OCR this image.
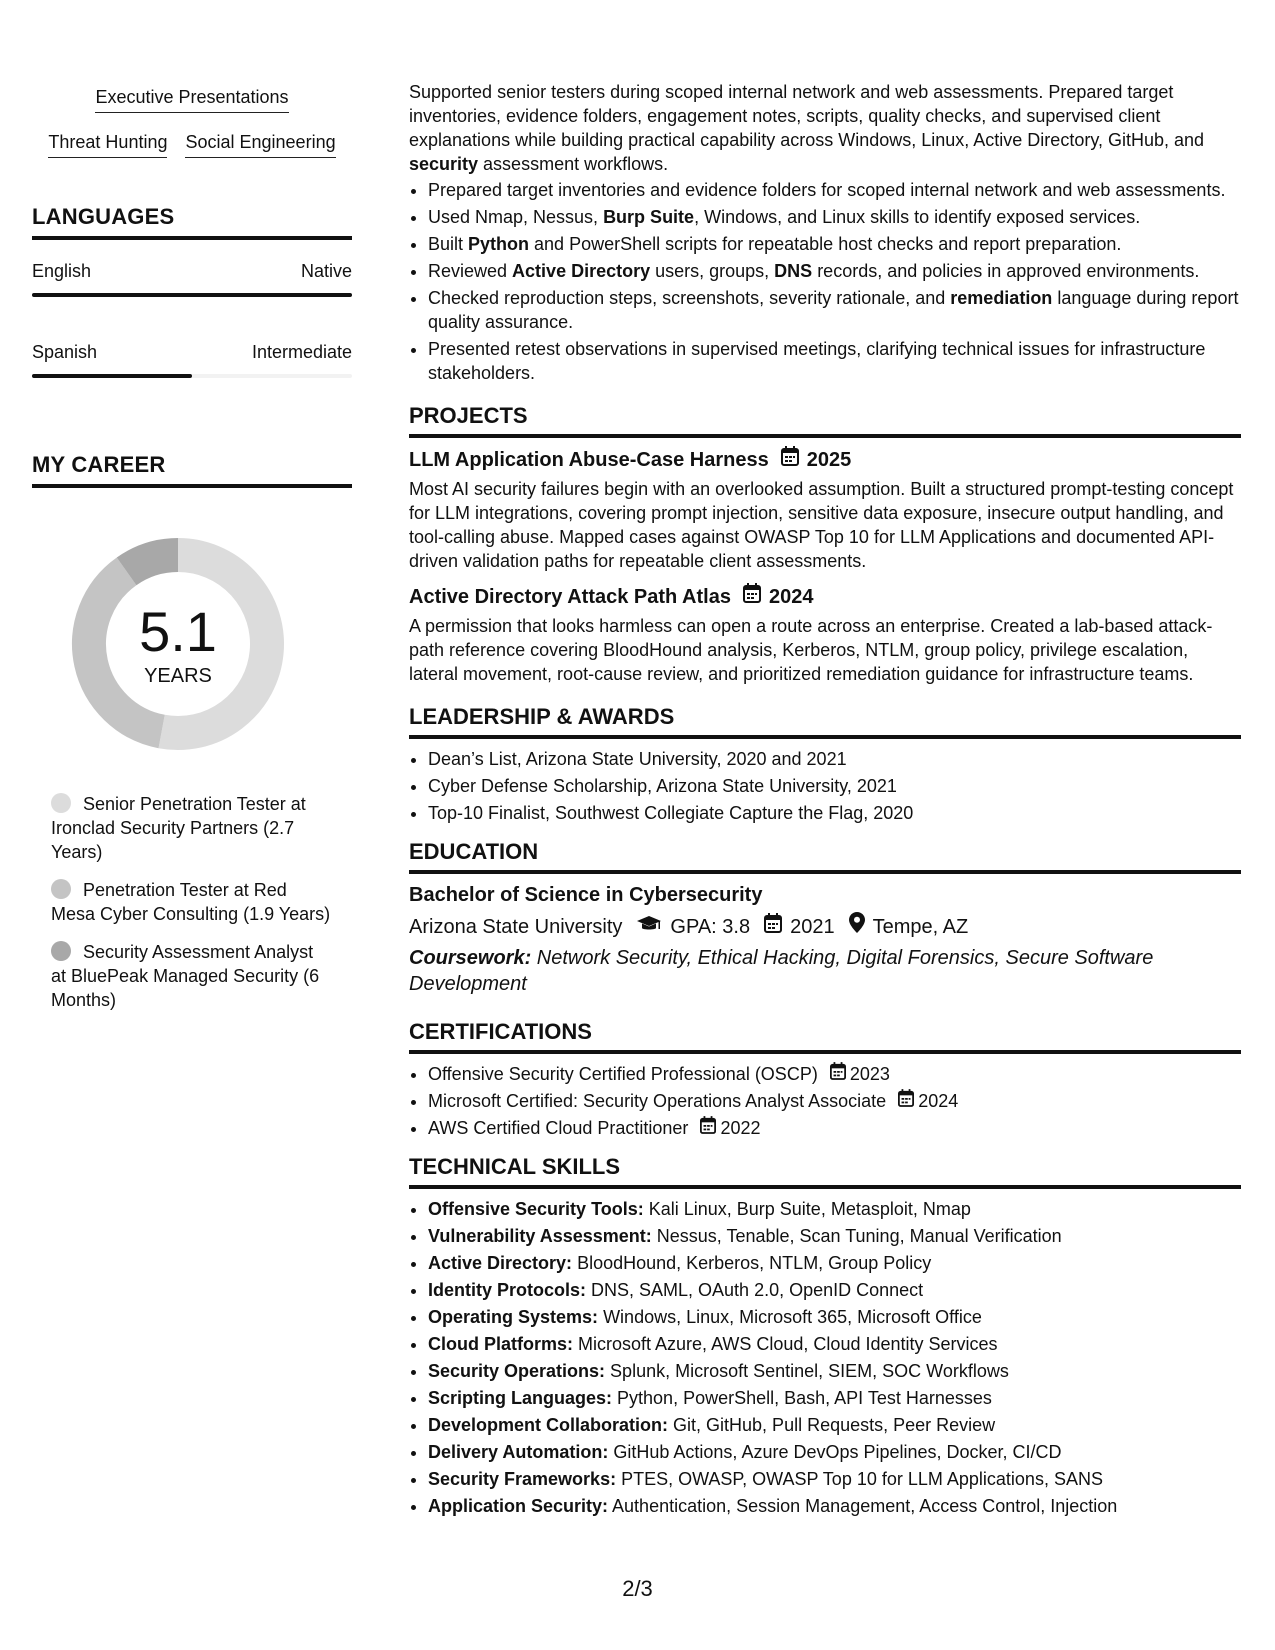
Executive Presentations
Threat Hunting Social Engineering
LANGUAGES
English	Native
Spanish	Intermediate
MY CAREER
5.1
YEARS
Senior Penetration Tester at Ironclad Security Partners (2.7 Years)
Penetration Tester at Red Mesa Cyber Consulting (1.9 Years)
Security Assessment Analyst at BluePeak Managed Security (6 Months)

Supported senior testers during scoped internal network and web assessments. Prepared target inventories, evidence folders, engagement notes, scripts, quality checks, and supervised client explanations while building practical capability across Windows, Linux, Active Directory, GitHub, and security assessment workflows.

• Prepared target inventories and evidence folders for scoped internal network and web assessments.
• Used Nmap, Nessus, Burp Suite, Windows, and Linux skills to identify exposed services.
• Built Python and PowerShell scripts for repeatable host checks and report preparation.
• Reviewed Active Directory users, groups, DNS records, and policies in approved environments.
• Checked reproduction steps, screenshots, severity rationale, and remediation language during report quality assurance.
• Presented retest observations in supervised meetings, clarifying technical issues for infrastructure stakeholders.
PROJECTS
LLM Application Abuse-Case Harness 2025

Most AI security failures begin with an overlooked assumption. Built a structured prompt-testing concept for LLM integrations, covering prompt injection, sensitive data exposure, insecure output handling, and tool-calling abuse. Mapped cases against OWASP Top 10 for LLM Applications and documented API-driven validation paths for repeatable client assessments.

Active Directory Attack Path Atlas 2024

A permission that looks harmless can open a route across an enterprise. Created a lab-based attack-path reference covering BloodHound analysis, Kerberos, NTLM, group policy, privilege escalation, lateral movement, root-cause review, and prioritized remediation guidance for infrastructure teams.

LEADERSHIP & AWARDS
• Dean’s List, Arizona State University, 2020 and 2021
• Cyber Defense Scholarship, Arizona State University, 2021
• Top-10 Finalist, Southwest Collegiate Capture the Flag, 2020
EDUCATION
Bachelor of Science in Cybersecurity
Arizona State University GPA: 3.8 2021 Tempe, AZ
Coursework: Network Security, Ethical Hacking, Digital Forensics, Secure Software Development
CERTIFICATIONS
• Offensive Security Certified Professional (OSCP) 2023
• Microsoft Certified: Security Operations Analyst Associate 2024
• AWS Certified Cloud Practitioner 2022
TECHNICAL SKILLS
• Offensive Security Tools: Kali Linux, Burp Suite, Metasploit, Nmap
• Vulnerability Assessment: Nessus, Tenable, Scan Tuning, Manual Verification
• Active Directory: BloodHound, Kerberos, NTLM, Group Policy
• Identity Protocols: DNS, SAML, OAuth 2.0, OpenID Connect
• Operating Systems: Windows, Linux, Microsoft 365, Microsoft Office
• Cloud Platforms: Microsoft Azure, AWS Cloud, Cloud Identity Services
• Security Operations: Splunk, Microsoft Sentinel, SIEM, SOC Workflows
• Scripting Languages: Python, PowerShell, Bash, API Test Harnesses
• Development Collaboration: Git, GitHub, Pull Requests, Peer Review
• Delivery Automation: GitHub Actions, Azure DevOps Pipelines, Docker, CI/CD
• Security Frameworks: PTES, OWASP, OWASP Top 10 for LLM Applications, SANS
• Application Security: Authentication, Session Management, Access Control, Injection
2/3
